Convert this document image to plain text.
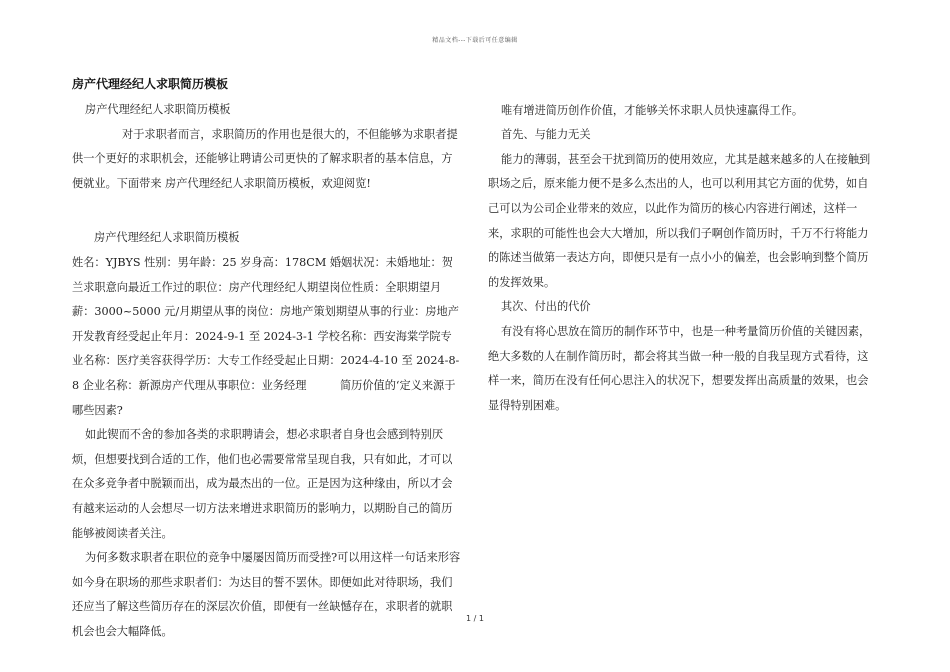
精品文档---下载后可任意编辑

房产代理经纪人求职简历模板

房产代理经纪人求职简历模板

对于求职者而言，求职简历的作用也是很大的，不但能够为求职者提供一个更好的求职机会，还能够让聘请公司更快的了解求职者的基本信息，方便就业。下面带来 房产代理经纪人求职简历模板，欢迎阅览!

房产代理经纪人求职简历模板

姓名：YJBYS 性别：男年龄：25 岁身高：178CM 婚姻状况：未婚地址：贺兰求职意向最近工作过的职位：房产代理经纪人期望岗位性质：全职期望月薪：3000~5000 元/月期望从事的岗位：房地产策划期望从事的行业：房地产开发教育经受起止年月：2024-9-1 至 2024-3-1 学校名称：西安海棠学院专业名称：医疗美容获得学历：大专工作经受起止日期：2024-4-10 至 2024-8-8 企业名称：新源房产代理从事职位：业务经理　　　简历价值的‘定义来源于哪些因素?

如此锲而不舍的参加各类的求职聘请会，想必求职者自身也会感到特别厌烦，但想要找到合适的工作，他们也必需要常常呈现自我，只有如此，才可以在众多竞争者中脱颖而出，成为最杰出的一位。正是因为这种缘由，所以才会有越来运动的人会想尽一切方法来增进求职简历的影响力，以期盼自己的简历能够被阅读者关注。

为何多数求职者在职位的竞争中屡屡因简历而受挫?可以用这样一句话来形容如今身在职场的那些求职者们：为达目的誓不罢休。即便如此对待职场，我们还应当了解这些简历存在的深层次价值，即便有一丝缺憾存在，求职者的就职机会也会大幅降低。

唯有增进简历创作价值，才能够关怀求职人员快速赢得工作。

首先、与能力无关

能力的薄弱，甚至会干扰到简历的使用效应，尤其是越来越多的人在接触到职场之后，原来能力便不是多么杰出的人，也可以利用其它方面的优势，如自己可以为公司企业带来的效应，以此作为简历的核心内容进行阐述，这样一来，求职的可能性也会大大增加，所以我们子啊创作简历时，千万不行将能力的陈述当做第一表达方向，即便只是有一点小小的偏差，也会影响到整个简历的发挥效果。

其次、付出的代价

有没有将心思放在简历的制作环节中，也是一种考量简历价值的关键因素，绝大多数的人在制作简历时，都会将其当做一种一般的自我呈现方式看待，这样一来，简历在没有任何心思注入的状况下，想要发挥出高质量的效果，也会显得特别困难。

1 / 1
